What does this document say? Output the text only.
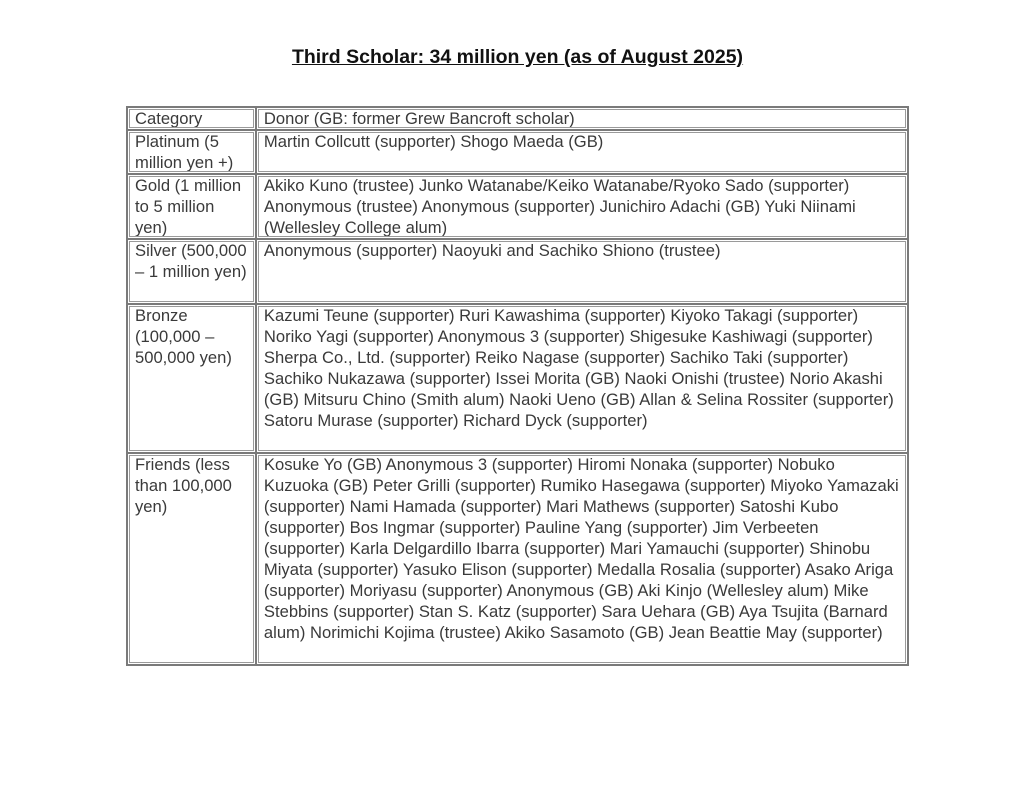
Third Scholar: 34 million yen (as of August 2025)
Category	Donor (GB: former Grew Bancroft scholar)
Platinum (5 million yen +)	Martin Collcutt (supporter) Shogo Maeda (GB)
Gold (1 million to 5 million yen)	Akiko Kuno (trustee) Junko Watanabe/Keiko Watanabe/Ryoko Sado (supporter) Anonymous (trustee) Anonymous (supporter) Junichiro Adachi (GB) Yuki Niinami (Wellesley College alum)
Silver (500,000 – 1 million yen)	Anonymous (supporter) Naoyuki and Sachiko Shiono (trustee)
Bronze (100,000 – 500,000 yen)	Kazumi Teune (supporter) Ruri Kawashima (supporter) Kiyoko Takagi (supporter) Noriko Yagi (supporter) Anonymous 3 (supporter) Shigesuke Kashiwagi (supporter) Sherpa Co., Ltd. (supporter) Reiko Nagase (supporter) Sachiko Taki (supporter) Sachiko Nukazawa (supporter) Issei Morita (GB) Naoki Onishi (trustee) Norio Akashi (GB) Mitsuru Chino (Smith alum) Naoki Ueno (GB) Allan & Selina Rossiter (supporter) Satoru Murase (supporter) Richard Dyck (supporter)
Friends (less than 100,000 yen)	Kosuke Yo (GB) Anonymous 3 (supporter) Hiromi Nonaka (supporter) Nobuko Kuzuoka (GB) Peter Grilli (supporter) Rumiko Hasegawa (supporter) Miyoko Yamazaki (supporter) Nami Hamada (supporter) Mari Mathews (supporter) Satoshi Kubo (supporter) Bos Ingmar (supporter) Pauline Yang (supporter) Jim Verbeeten (supporter) Karla Delgardillo Ibarra (supporter) Mari Yamauchi (supporter) Shinobu Miyata (supporter) Yasuko Elison (supporter) Medalla Rosalia (supporter) Asako Ariga (supporter) Moriyasu (supporter) Anonymous (GB) Aki Kinjo (Wellesley alum) Mike Stebbins (supporter) Stan S. Katz (supporter) Sara Uehara (GB) Aya Tsujita (Barnard alum) Norimichi Kojima (trustee) Akiko Sasamoto (GB) Jean Beattie May (supporter)
